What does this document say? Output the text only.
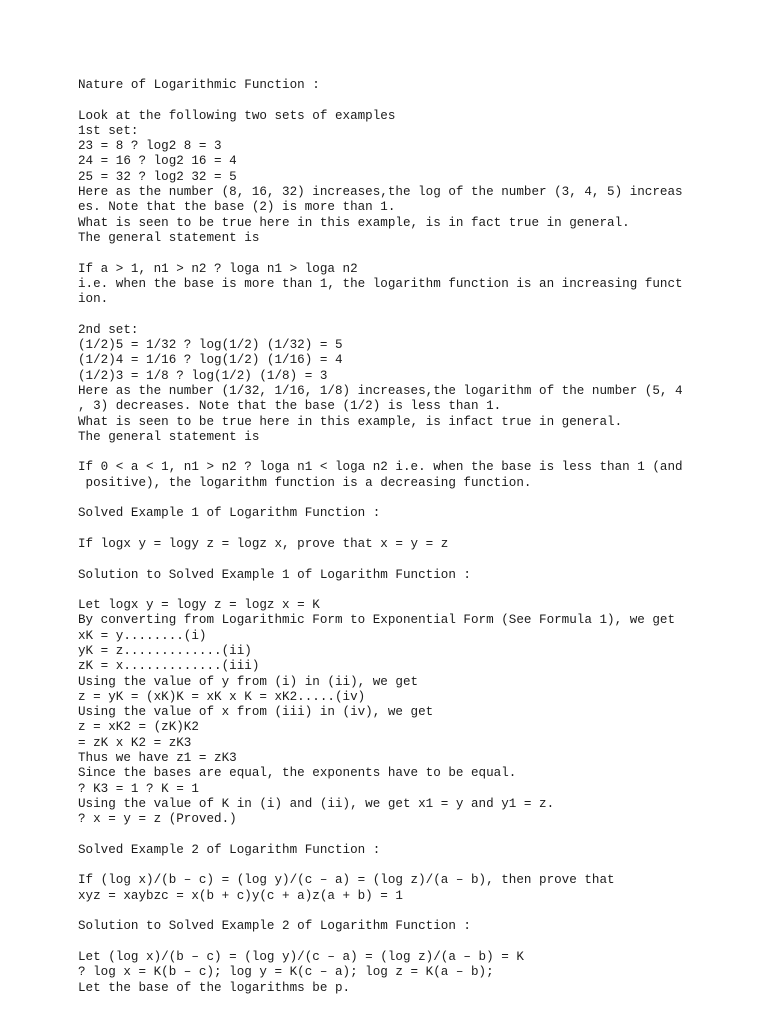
Nature of Logarithmic Function :
Look at the following two sets of examples
1st set:
23 = 8 ? log2 8 = 3
24 = 16 ? log2 16 = 4
25 = 32 ? log2 32 = 5
Here as the number (8, 16, 32) increases,the log of the number (3, 4, 5) increas
es. Note that the base (2) is more than 1.
What is seen to be true here in this example, is in fact true in general.
The general statement is
If a > 1, n1 > n2 ? loga n1 > loga n2
i.e. when the base is more than 1, the logarithm function is an increasing funct
ion.
2nd set:
(1/2)5 = 1/32 ? log(1/2) (1/32) = 5
(1/2)4 = 1/16 ? log(1/2) (1/16) = 4
(1/2)3 = 1/8 ? log(1/2) (1/8) = 3
Here as the number (1/32, 1/16, 1/8) increases,the logarithm of the number (5, 4
, 3) decreases. Note that the base (1/2) is less than 1.
What is seen to be true here in this example, is infact true in general.
The general statement is
If 0 < a < 1, n1 > n2 ? loga n1 < loga n2 i.e. when the base is less than 1 (and
positive), the logarithm function is a decreasing function.
Solved Example 1 of Logarithm Function :
If logx y = logy z = logz x, prove that x = y = z
Solution to Solved Example 1 of Logarithm Function :
Let logx y = logy z = logz x = K
By converting from Logarithmic Form to Exponential Form (See Formula 1), we get
xK = y........(i)
yK = z.............(ii)
zK = x.............(iii)
Using the value of y from (i) in (ii), we get
z = yK = (xK)K = xK x K = xK2.....(iv)
Using the value of x from (iii) in (iv), we get
z = xK2 = (zK)K2
= zK x K2 = zK3
Thus we have z1 = zK3
Since the bases are equal, the exponents have to be equal.
? K3 = 1 ? K = 1
Using the value of K in (i) and (ii), we get x1 = y and y1 = z.
? x = y = z (Proved.)
Solved Example 2 of Logarithm Function :
If (log x)/(b – c) = (log y)/(c – a) = (log z)/(a – b), then prove that
xyz = xaybzc = x(b + c)y(c + a)z(a + b) = 1
Solution to Solved Example 2 of Logarithm Function :
Let (log x)/(b – c) = (log y)/(c – a) = (log z)/(a – b) = K
? log x = K(b – c); log y = K(c – a); log z = K(a – b);
Let the base of the logarithms be p.
